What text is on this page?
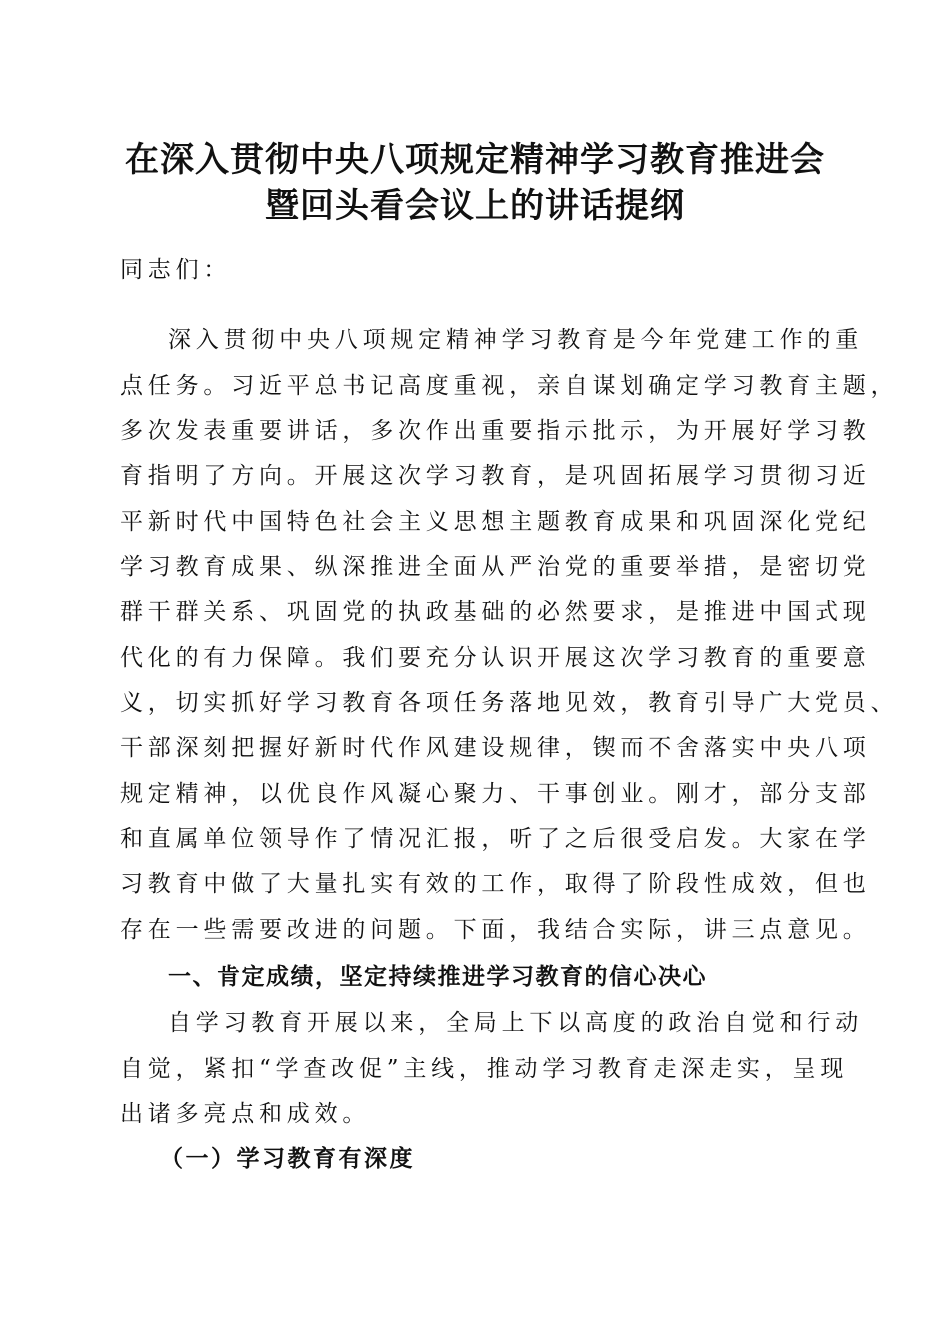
在深入贯彻中央八项规定精神学习教育推进会
暨回头看会议上的讲话提纲

同志们：

深入贯彻中央八项规定精神学习教育是今年党建工作的重

点任务。习近平总书记高度重视，亲自谋划确定学习教育主题，

多次发表重要讲话，多次作出重要指示批示，为开展好学习教

育指明了方向。开展这次学习教育，是巩固拓展学习贯彻习近

平新时代中国特色社会主义思想主题教育成果和巩固深化党纪

学习教育成果、纵深推进全面从严治党的重要举措，是密切党

群干群关系、巩固党的执政基础的必然要求，是推进中国式现

代化的有力保障。我们要充分认识开展这次学习教育的重要意

义，切实抓好学习教育各项任务落地见效，教育引导广大党员、

干部深刻把握好新时代作风建设规律，锲而不舍落实中央八项

规定精神，以优良作风凝心聚力、干事创业。刚才，部分支部

和直属单位领导作了情况汇报，听了之后很受启发。大家在学

习教育中做了大量扎实有效的工作，取得了阶段性成效，但也

存在一些需要改进的问题。下面，我结合实际，讲三点意见。

一、肯定成绩，坚定持续推进学习教育的信心决心

自学习教育开展以来，全局上下以高度的政治自觉和行动

自觉，紧扣“学查改促”主线，推动学习教育走深走实，呈现

出诸多亮点和成效。

（一）学习教育有深度
